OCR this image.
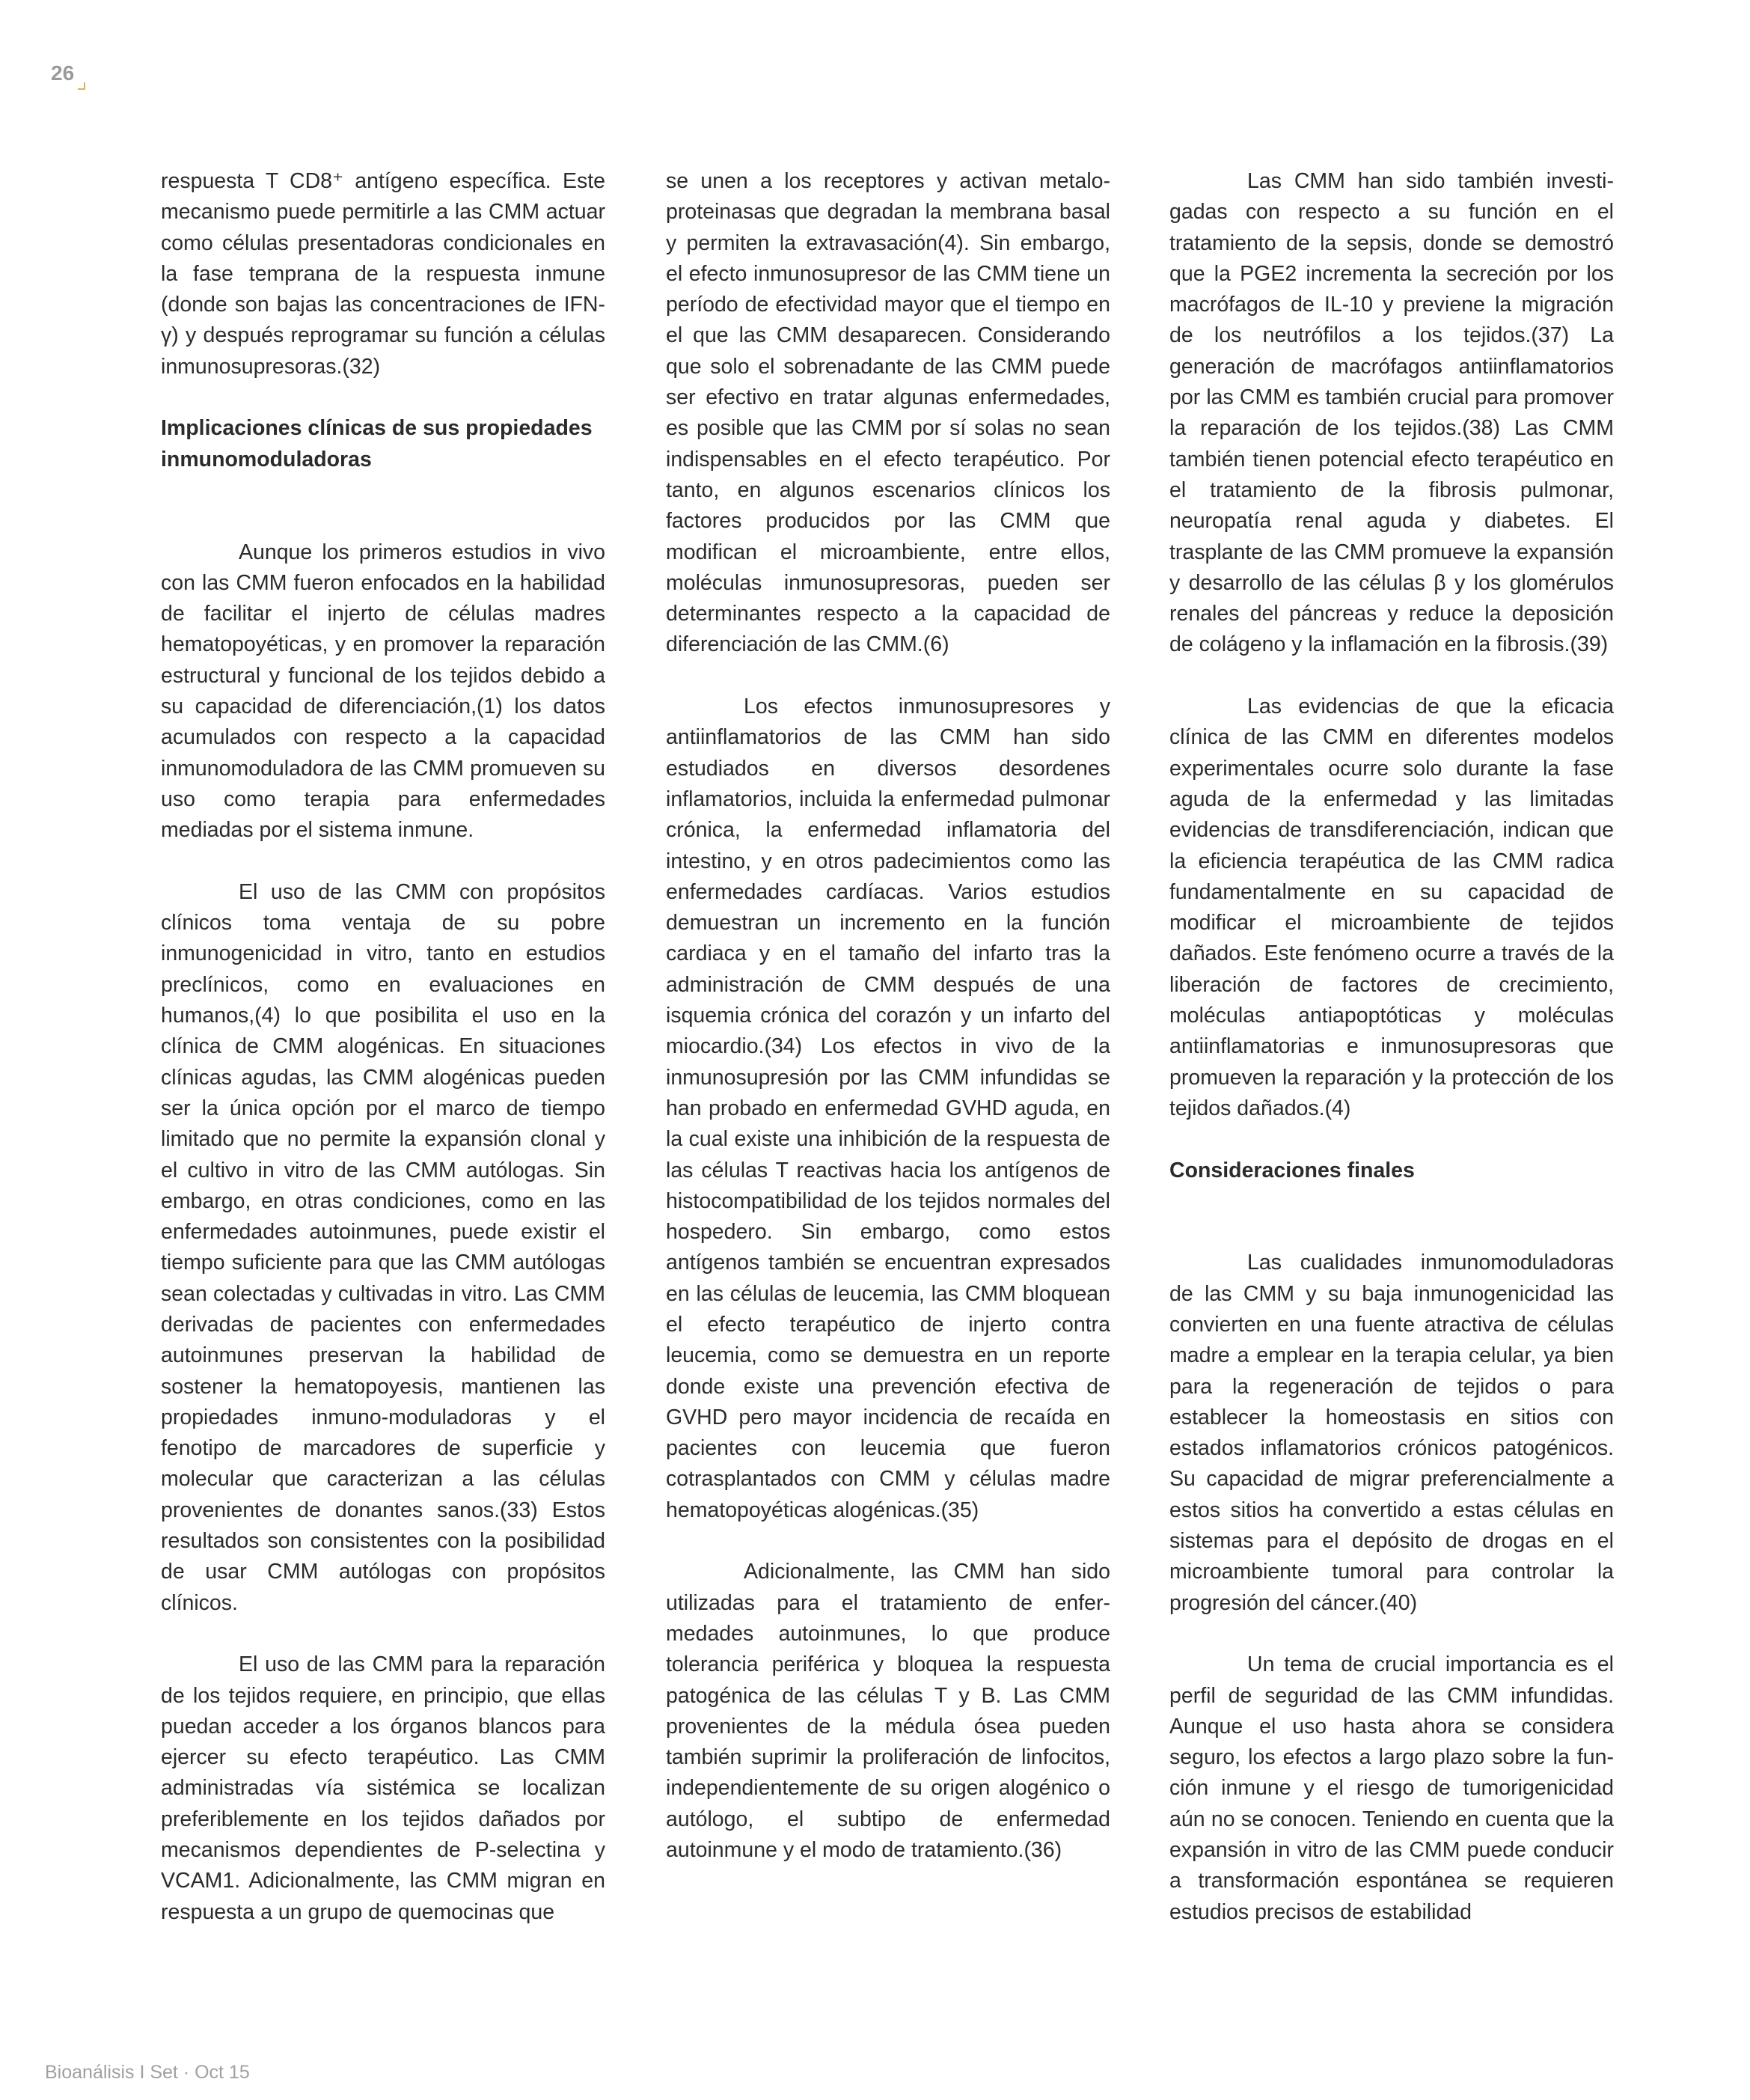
26

respuesta T CD8⁺ antígeno específica. Este mecanismo puede permitirle a las CMM actuar como células presentadoras condicionales en la fase temprana de la respuesta inmune (donde son bajas las concentraciones de IFN-γ) y después reprogramar su función a células inmunosupresoras.(32)

Implicaciones clínicas de sus propiedades inmunomoduladoras

Aunque los primeros estudios in vivo con las CMM fueron enfocados en la habilidad de facilitar el injerto de células madres hematopoyéticas, y en promover la reparación estructural y funcional de los tejidos debido a su capacidad de diferenciación,(1) los datos acumulados con respecto a la capacidad inmunomoduladora de las CMM promueven su uso como terapia para enfermedades mediadas por el sistema inmune.

El uso de las CMM con propósitos clínicos toma ventaja de su pobre inmunogenicidad in vitro, tanto en estudios preclínicos, como en evaluaciones en humanos,(4) lo que posibilita el uso en la clínica de CMM alogénicas. En situaciones clínicas agudas, las CMM alogénicas pueden ser la única opción por el marco de tiempo limitado que no permite la expansión clonal y el cultivo in vitro de las CMM autólogas. Sin embargo, en otras condiciones, como en las enfermedades autoinmunes, puede existir el tiempo suficiente para que las CMM autólogas sean colectadas y cultivadas in vitro. Las CMM derivadas de pacientes con enfermedades autoinmunes preservan la habilidad de sostener la hematopoyesis, mantienen las propiedades inmuno-moduladoras y el fenotipo de marcadores de superficie y molecular que caracterizan a las células provenientes de donantes sanos.(33) Estos resultados son consistentes con la posibilidad de usar CMM autólogas con propósitos clínicos.

El uso de las CMM para la reparación de los tejidos requiere, en principio, que ellas puedan acceder a los órganos blancos para ejercer su efecto terapéutico. Las CMM administradas vía sistémica se localizan preferiblemente en los tejidos dañados por mecanismos dependientes de P-selectina y VCAM1. Adicionalmente, las CMM migran en respuesta a un grupo de quemocinas que

se unen a los receptores y activan metalo-proteinasas que degradan la membrana basal y permiten la extravasación(4). Sin embargo, el efecto inmunosupresor de las CMM tiene un período de efectividad mayor que el tiempo en el que las CMM desaparecen. Considerando que solo el sobrenadante de las CMM puede ser efectivo en tratar algunas enfermedades, es posible que las CMM por sí solas no sean indispensables en el efecto terapéutico. Por tanto, en algunos escenarios clínicos los factores producidos por las CMM que modifican el microambiente, entre ellos, moléculas inmunosupresoras, pueden ser determinantes respecto a la capacidad de diferenciación de las CMM.(6)

Los efectos inmunosupresores y antiinflamatorios de las CMM han sido estudiados en diversos desordenes inflamatorios, incluida la enfermedad pulmonar crónica, la enfermedad inflamatoria del intestino, y en otros padecimientos como las enfermedades cardíacas. Varios estudios demuestran un incremento en la función cardiaca y en el tamaño del infarto tras la administración de CMM después de una isquemia crónica del corazón y un infarto del miocardio.(34) Los efectos in vivo de la inmunosupresión por las CMM infundidas se han probado en enfermedad GVHD aguda, en la cual existe una inhibición de la respuesta de las células T reactivas hacia los antígenos de histocompatibilidad de los tejidos normales del hospedero. Sin embargo, como estos antígenos también se encuentran expresados en las células de leucemia, las CMM bloquean el efecto terapéutico de injerto contra leucemia, como se demuestra en un reporte donde existe una prevención efectiva de GVHD pero mayor incidencia de recaída en pacientes con leucemia que fueron cotrasplantados con CMM y células madre hematopoyéticas alogénicas.(35)

Adicionalmente, las CMM han sido utilizadas para el tratamiento de enfer-medades autoinmunes, lo que produce tolerancia periférica y bloquea la respuesta patogénica de las células T y B. Las CMM provenientes de la médula ósea pueden también suprimir la proliferación de linfocitos, independientemente de su origen alogénico o autólogo, el subtipo de enfermedad autoinmune y el modo de tratamiento.(36)

Las CMM han sido también investi-gadas con respecto a su función en el tratamiento de la sepsis, donde se demostró que la PGE2 incrementa la secreción por los macrófagos de IL-10 y previene la migración de los neutrófilos a los tejidos.(37) La generación de macrófagos antiinflamatorios por las CMM es también crucial para promover la reparación de los tejidos.(38) Las CMM también tienen potencial efecto terapéutico en el tratamiento de la fibrosis pulmonar, neuropatía renal aguda y diabetes. El trasplante de las CMM promueve la expansión y desarrollo de las células β y los glomérulos renales del páncreas y reduce la deposición de colágeno y la inflamación en la fibrosis.(39)

Las evidencias de que la eficacia clínica de las CMM en diferentes modelos experimentales ocurre solo durante la fase aguda de la enfermedad y las limitadas evidencias de transdiferenciación, indican que la eficiencia terapéutica de las CMM radica fundamentalmente en su capacidad de modificar el microambiente de tejidos dañados. Este fenómeno ocurre a través de la liberación de factores de crecimiento, moléculas antiapoptóticas y moléculas antiinflamatorias e inmunosupresoras que promueven la reparación y la protección de los tejidos dañados.(4)

Consideraciones finales

Las cualidades inmunomoduladoras de las CMM y su baja inmunogenicidad las convierten en una fuente atractiva de células madre a emplear en la terapia celular, ya bien para la regeneración de tejidos o para establecer la homeostasis en sitios con estados inflamatorios crónicos patogénicos. Su capacidad de migrar preferencialmente a estos sitios ha convertido a estas células en sistemas para el depósito de drogas en el microambiente tumoral para controlar la progresión del cáncer.(40)

Un tema de crucial importancia es el perfil de seguridad de las CMM infundidas. Aunque el uso hasta ahora se considera seguro, los efectos a largo plazo sobre la fun-ción inmune y el riesgo de tumorigenicidad aún no se conocen. Teniendo en cuenta que la expansión in vitro de las CMM puede conducir a transformación espontánea se requieren estudios precisos de estabilidad

Bioanálisis I Set · Oct 15
